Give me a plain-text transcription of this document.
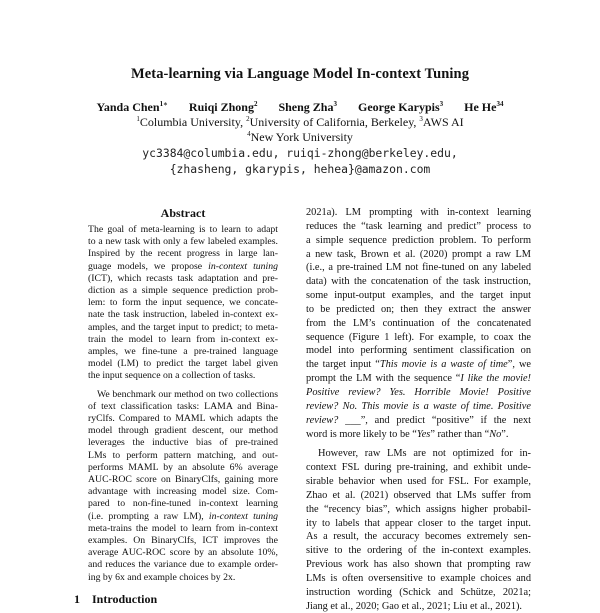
Meta-learning via Language Model In-context Tuning
Yanda Chen$^{1∗}$ Ruiqi Zhong$^2$ Sheng Zha$^3$ George Karypis$^3$ He He$^{34}$
$^1$Columbia University, $^2$University of California, Berkeley, $^3$AWS AI
$^4$New York University
yc3384@columbia.edu, ruiqi-zhong@berkeley.edu,
{zhasheng, gkarypis, hehea}@amazon.com
Abstract

The goal of meta-learning is to learn to adapt
to a new task with only a few labeled examples.
Inspired by the recent progress in large lan-
guage models, we propose in-context tuning
(ICT), which recasts task adaptation and pre-
diction as a simple sequence prediction prob-
lem: to form the input sequence, we concate-
nate the task instruction, labeled in-context ex-
amples, and the target input to predict; to meta-
train the model to learn from in-context ex-
amples, we fine-tune a pre-trained language
model (LM) to predict the target label given
the input sequence on a collection of tasks.

We benchmark our method on two collections
of text classification tasks: LAMA and Bina-
ryClfs. Compared to MAML which adapts the
model through gradient descent, our method
leverages the inductive bias of pre-trained
LMs to perform pattern matching, and out-
performs MAML by an absolute 6% average
AUC-ROC score on BinaryClfs, gaining more
advantage with increasing model size. Com-
pared to non-fine-tuned in-context learning
(i.e. prompting a raw LM), in-context tuning
meta-trains the model to learn from in-context
examples. On BinaryClfs, ICT improves the
average AUC-ROC score by an absolute 10%,
and reduces the variance due to example order-
ing by 6x and example choices by 2x.

2021a). LM prompting with in-context learning
reduces the “task learning and predict” process to
a simple sequence prediction problem. To perform
a new task, Brown et al. (2020) prompt a raw LM
(i.e., a pre-trained LM not fine-tuned on any labeled
data) with the concatenation of the task instruction,
some input-output examples, and the target input
to be predicted on; then they extract the answer
from the LM’s continuation of the concatenated
sequence (Figure 1 left). For example, to coax the
model into performing sentiment classification on
the target input “This movie is a waste of time”, we
prompt the LM with the sequence “I like the movie!
Positive review? Yes. Horrible Movie! Positive
review? No. This movie is a waste of time. Positive
review? ___”, and predict “positive” if the next
word is more likely to be “Yes” rather than “No”.

However, raw LMs are not optimized for in-
context FSL during pre-training, and exhibit unde-
sirable behavior when used for FSL. For example,
Zhao et al. (2021) observed that LMs suffer from
the “recency bias”, which assigns higher probabil-
ity to labels that appear closer to the target input.
As a result, the accuracy becomes extremely sen-
sitive to the ordering of the in-context examples.
Previous work has also shown that prompting raw
LMs is often oversensitive to example choices and
instruction wording (Schick and Schütze, 2021a;
Jiang et al., 2020; Gao et al., 2021; Liu et al., 2021).

1 Introduction
